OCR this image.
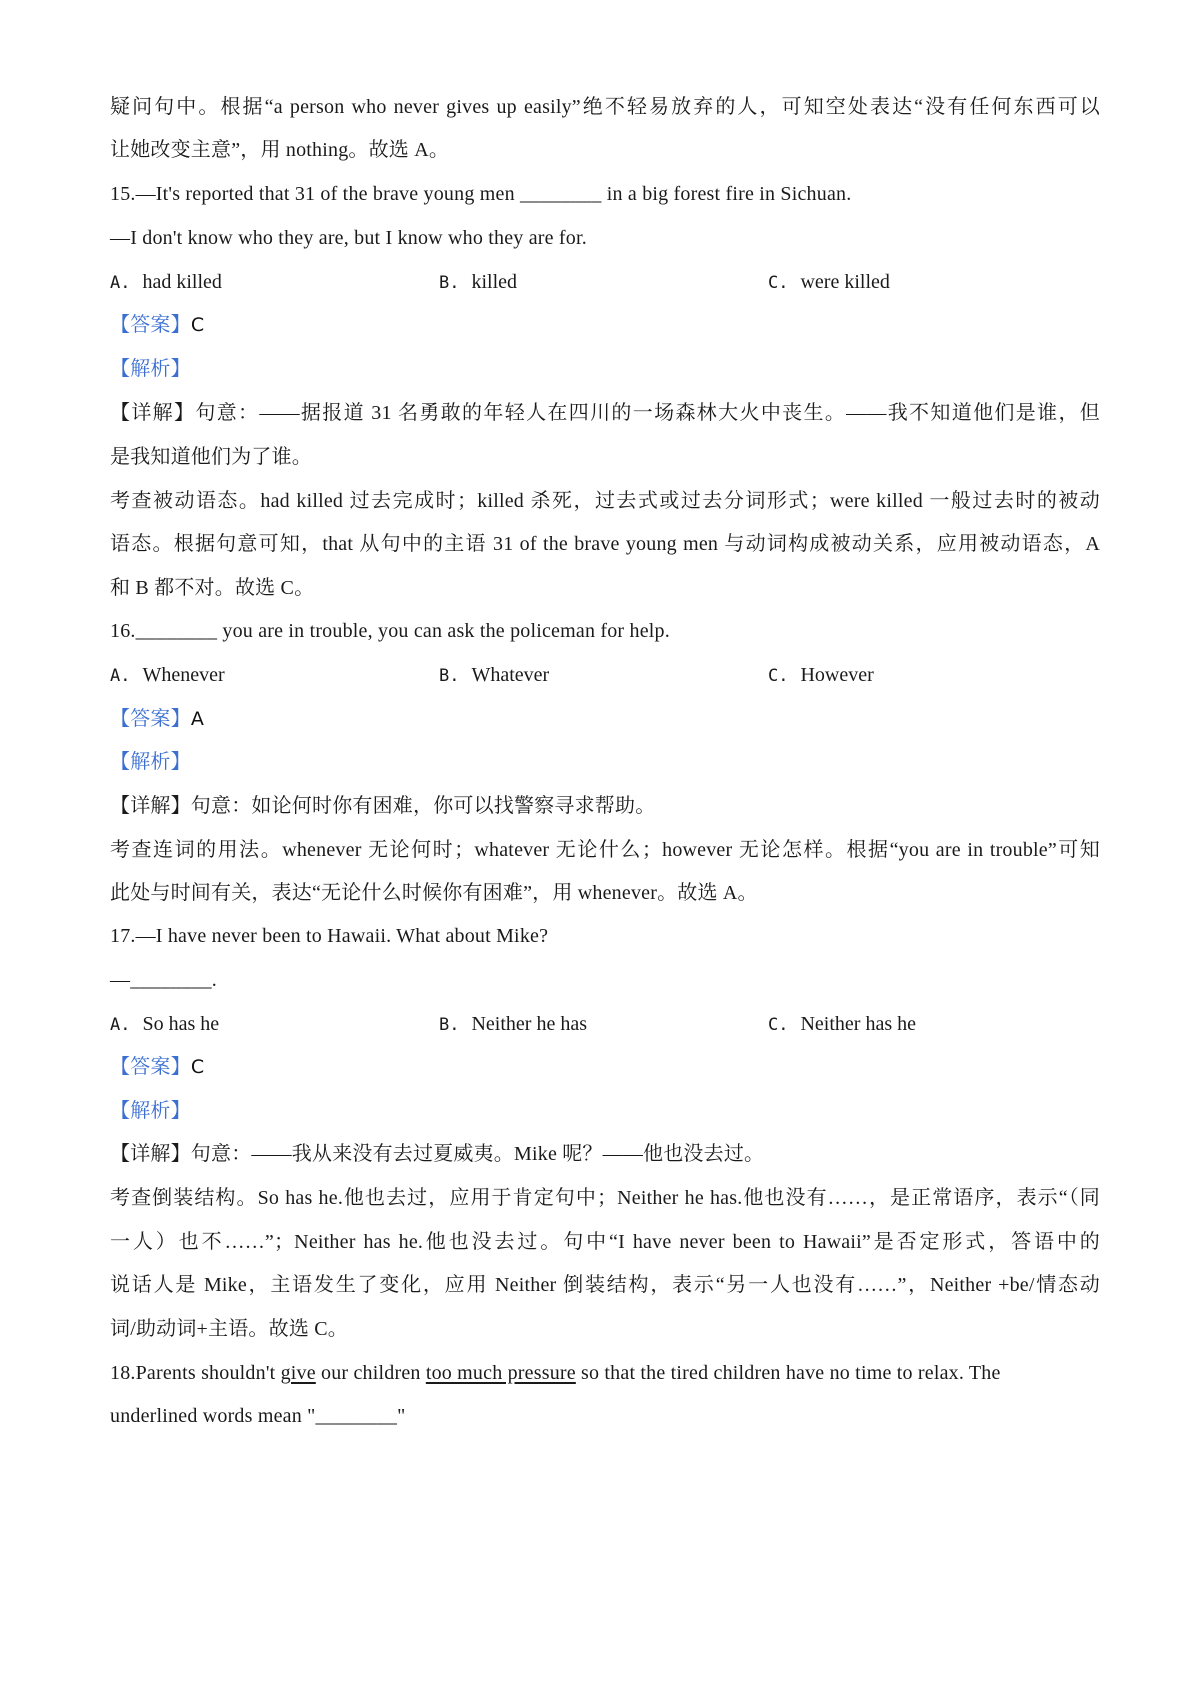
疑问句中。根据“a person who never gives up easily”绝不轻易放弃的人，可知空处表达“没有任何东西可以
让她改变主意”，用 nothing。故选 A。
15.—It's reported that 31 of the brave young men ________ in a big forest fire in Sichuan.
—I don't know who they are, but I know who they are for.
A. had killed	B. killed	C. were killed
【答案】C
【解析】
【详解】句意：——据报道 31 名勇敢的年轻人在四川的一场森林大火中丧生。——我不知道他们是谁，但
是我知道他们为了谁。
考查被动语态。had killed 过去完成时；killed 杀死，过去式或过去分词形式；were killed 一般过去时的被动
语态。根据句意可知，that 从句中的主语 31 of the brave young men 与动词构成被动关系，应用被动语态，A
和 B 都不对。故选 C。
16.________ you are in trouble, you can ask the policeman for help.
A. Whenever	B. Whatever	C. However
【答案】A
【解析】
【详解】句意：如论何时你有困难，你可以找警察寻求帮助。
考查连词的用法。whenever 无论何时；whatever 无论什么；however 无论怎样。根据“you are in trouble”可知
此处与时间有关，表达“无论什么时候你有困难”，用 whenever。故选 A。
17.—I have never been to Hawaii. What about Mike?
—________.
A. So has he	B. Neither he has	C. Neither has he
【答案】C
【解析】
【详解】句意：——我从来没有去过夏威夷。Mike 呢？——他也没去过。
考查倒装结构。So has he.他也去过，应用于肯定句中；Neither he has.他也没有……，是正常语序，表示“（同
一人）也不……”；Neither has he.他也没去过。句中“I have never been to Hawaii”是否定形式，答语中的
说话人是 Mike，主语发生了变化，应用 Neither 倒装结构，表示“另一人也没有……”，Neither +be/情态动
词/助动词+主语。故选 C。
18.Parents shouldn't give our children too much pressure so that the tired children have no time to relax. The
underlined words mean "________"
